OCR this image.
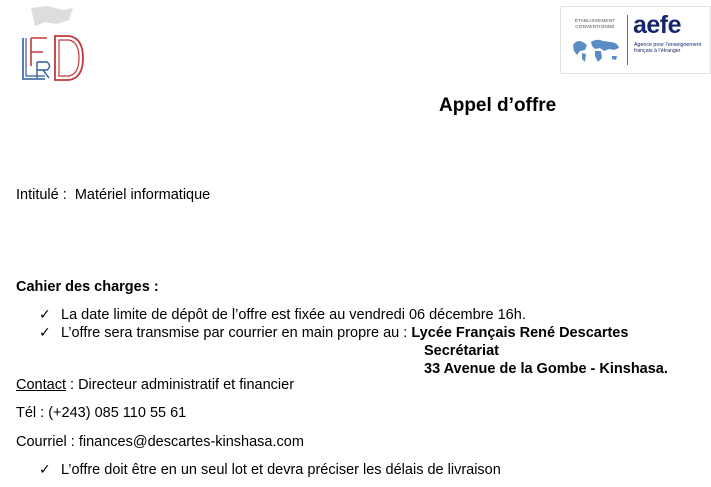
ÉTABLISSEMENT CONVENTIONNÉ aefe
Agence pour l’enseignement français à l’étranger
Appel d’offre
Intitulé : Matériel informatique
Cahier des charges :
✓ La date limite de dépôt de l’offre est fixée au vendredi 06 décembre 16h.
✓ L’offre sera transmise par courrier en main propre au : Lycée Français René Descartes
Secrétariat
33 Avenue de la Gombe - Kinshasa.
Contact : Directeur administratif et financier
Tél : (+243) 085 110 55 61
Courriel : finances@descartes-kinshasa.com
✓ L’offre doit être en un seul lot et devra préciser les délais de livraison
